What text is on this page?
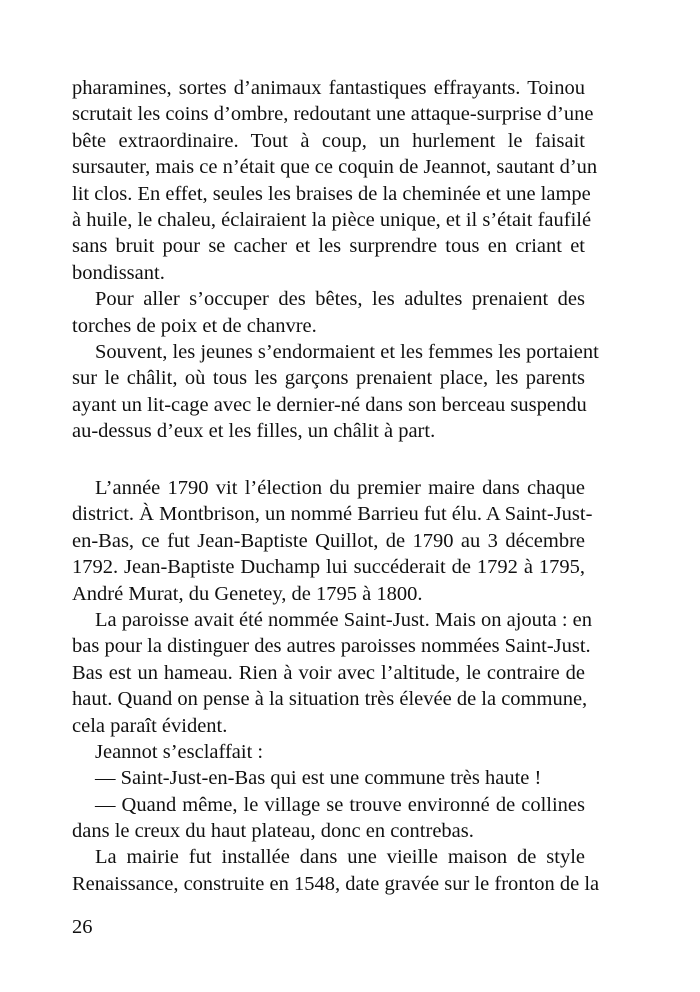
pharamines, sortes d’animaux fantastiques effrayants. Toinou
scrutait les coins d’ombre, redoutant une attaque-surprise d’une
bête extraordinaire. Tout à coup, un hurlement le faisait
sursauter, mais ce n’était que ce coquin de Jeannot, sautant d’un
lit clos. En effet, seules les braises de la cheminée et une lampe
à huile, le chaleu, éclairaient la pièce unique, et il s’était faufilé
sans bruit pour se cacher et les surprendre tous en criant et
bondissant.
Pour aller s’occuper des bêtes, les adultes prenaient des
torches de poix et de chanvre.
Souvent, les jeunes s’endormaient et les femmes les portaient
sur le châlit, où tous les garçons prenaient place, les parents
ayant un lit-cage avec le dernier-né dans son berceau suspendu
au-dessus d’eux et les filles, un châlit à part.
L’année 1790 vit l’élection du premier maire dans chaque
district. À Montbrison, un nommé Barrieu fut élu. A Saint-Just-
en-Bas, ce fut Jean-Baptiste Quillot, de 1790 au 3 décembre
1792. Jean-Baptiste Duchamp lui succéderait de 1792 à 1795,
André Murat, du Genetey, de 1795 à 1800.
La paroisse avait été nommée Saint-Just. Mais on ajouta : en
bas pour la distinguer des autres paroisses nommées Saint-Just.
Bas est un hameau. Rien à voir avec l’altitude, le contraire de
haut. Quand on pense à la situation très élevée de la commune,
cela paraît évident.
Jeannot s’esclaffait :
— Saint-Just-en-Bas qui est une commune très haute !
— Quand même, le village se trouve environné de collines
dans le creux du haut plateau, donc en contrebas.
La mairie fut installée dans une vieille maison de style
Renaissance, construite en 1548, date gravée sur le fronton de la
26
